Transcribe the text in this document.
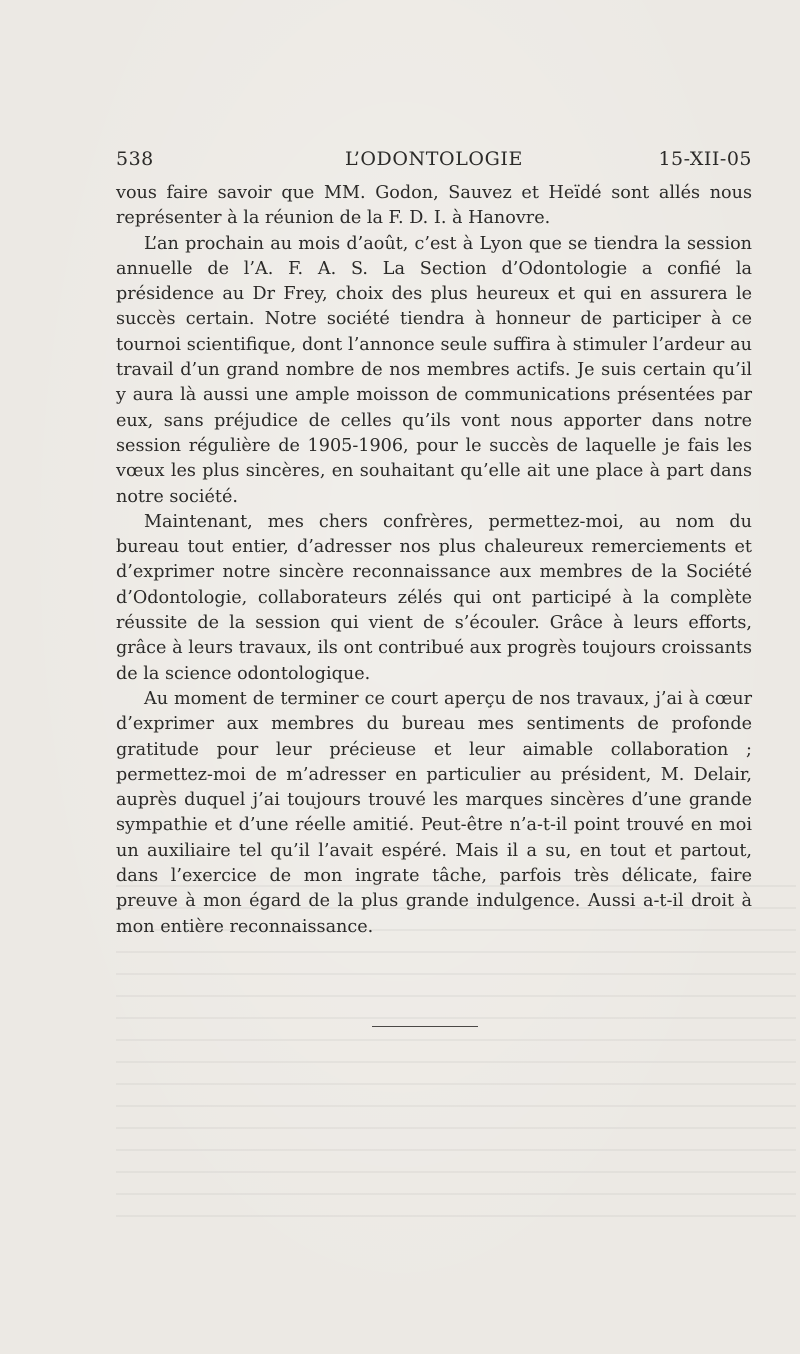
538	L’ODONTOLOGIE	15-XII-05

vous faire savoir que MM. Godon, Sauvez et Heïdé sont allés nous représenter à la réunion de la F. D. I. à Hanovre.

L’an prochain au mois d’août, c’est à Lyon que se tiendra la session annuelle de l’A. F. A. S. La Section d’Odontologie a confié la présidence au Dr Frey, choix des plus heureux et qui en assurera le succès certain. Notre société tiendra à honneur de participer à ce tournoi scientifique, dont l’annonce seule suffira à stimuler l’ardeur au travail d’un grand nombre de nos membres actifs. Je suis certain qu’il y aura là aussi une ample moisson de communications présentées par eux, sans préjudice de celles qu’ils vont nous apporter dans notre session régulière de 1905-1906, pour le succès de laquelle je fais les vœux les plus sincères, en souhaitant qu’elle ait une place à part dans notre société.

Maintenant, mes chers confrères, permettez-moi, au nom du bureau tout entier, d’adresser nos plus chaleureux remerciements et d’exprimer notre sincère reconnaissance aux membres de la Société d’Odontologie, collaborateurs zélés qui ont participé à la complète réussite de la session qui vient de s’écouler. Grâce à leurs efforts, grâce à leurs travaux, ils ont contribué aux progrès toujours croissants de la science odontologique.

Au moment de terminer ce court aperçu de nos travaux, j’ai à cœur d’exprimer aux membres du bureau mes sentiments de profonde gratitude pour leur précieuse et leur aimable collaboration ; permettez-moi de m’adresser en particulier au président, M. Delair, auprès duquel j’ai toujours trouvé les marques sincères d’une grande sympathie et d’une réelle amitié. Peut-être n’a-t-il point trouvé en moi un auxiliaire tel qu’il l’avait espéré. Mais il a su, en tout et partout, dans l’exercice de mon ingrate tâche, parfois très délicate, faire preuve à mon égard de la plus grande indulgence. Aussi a-t-il droit à mon entière reconnaissance.
